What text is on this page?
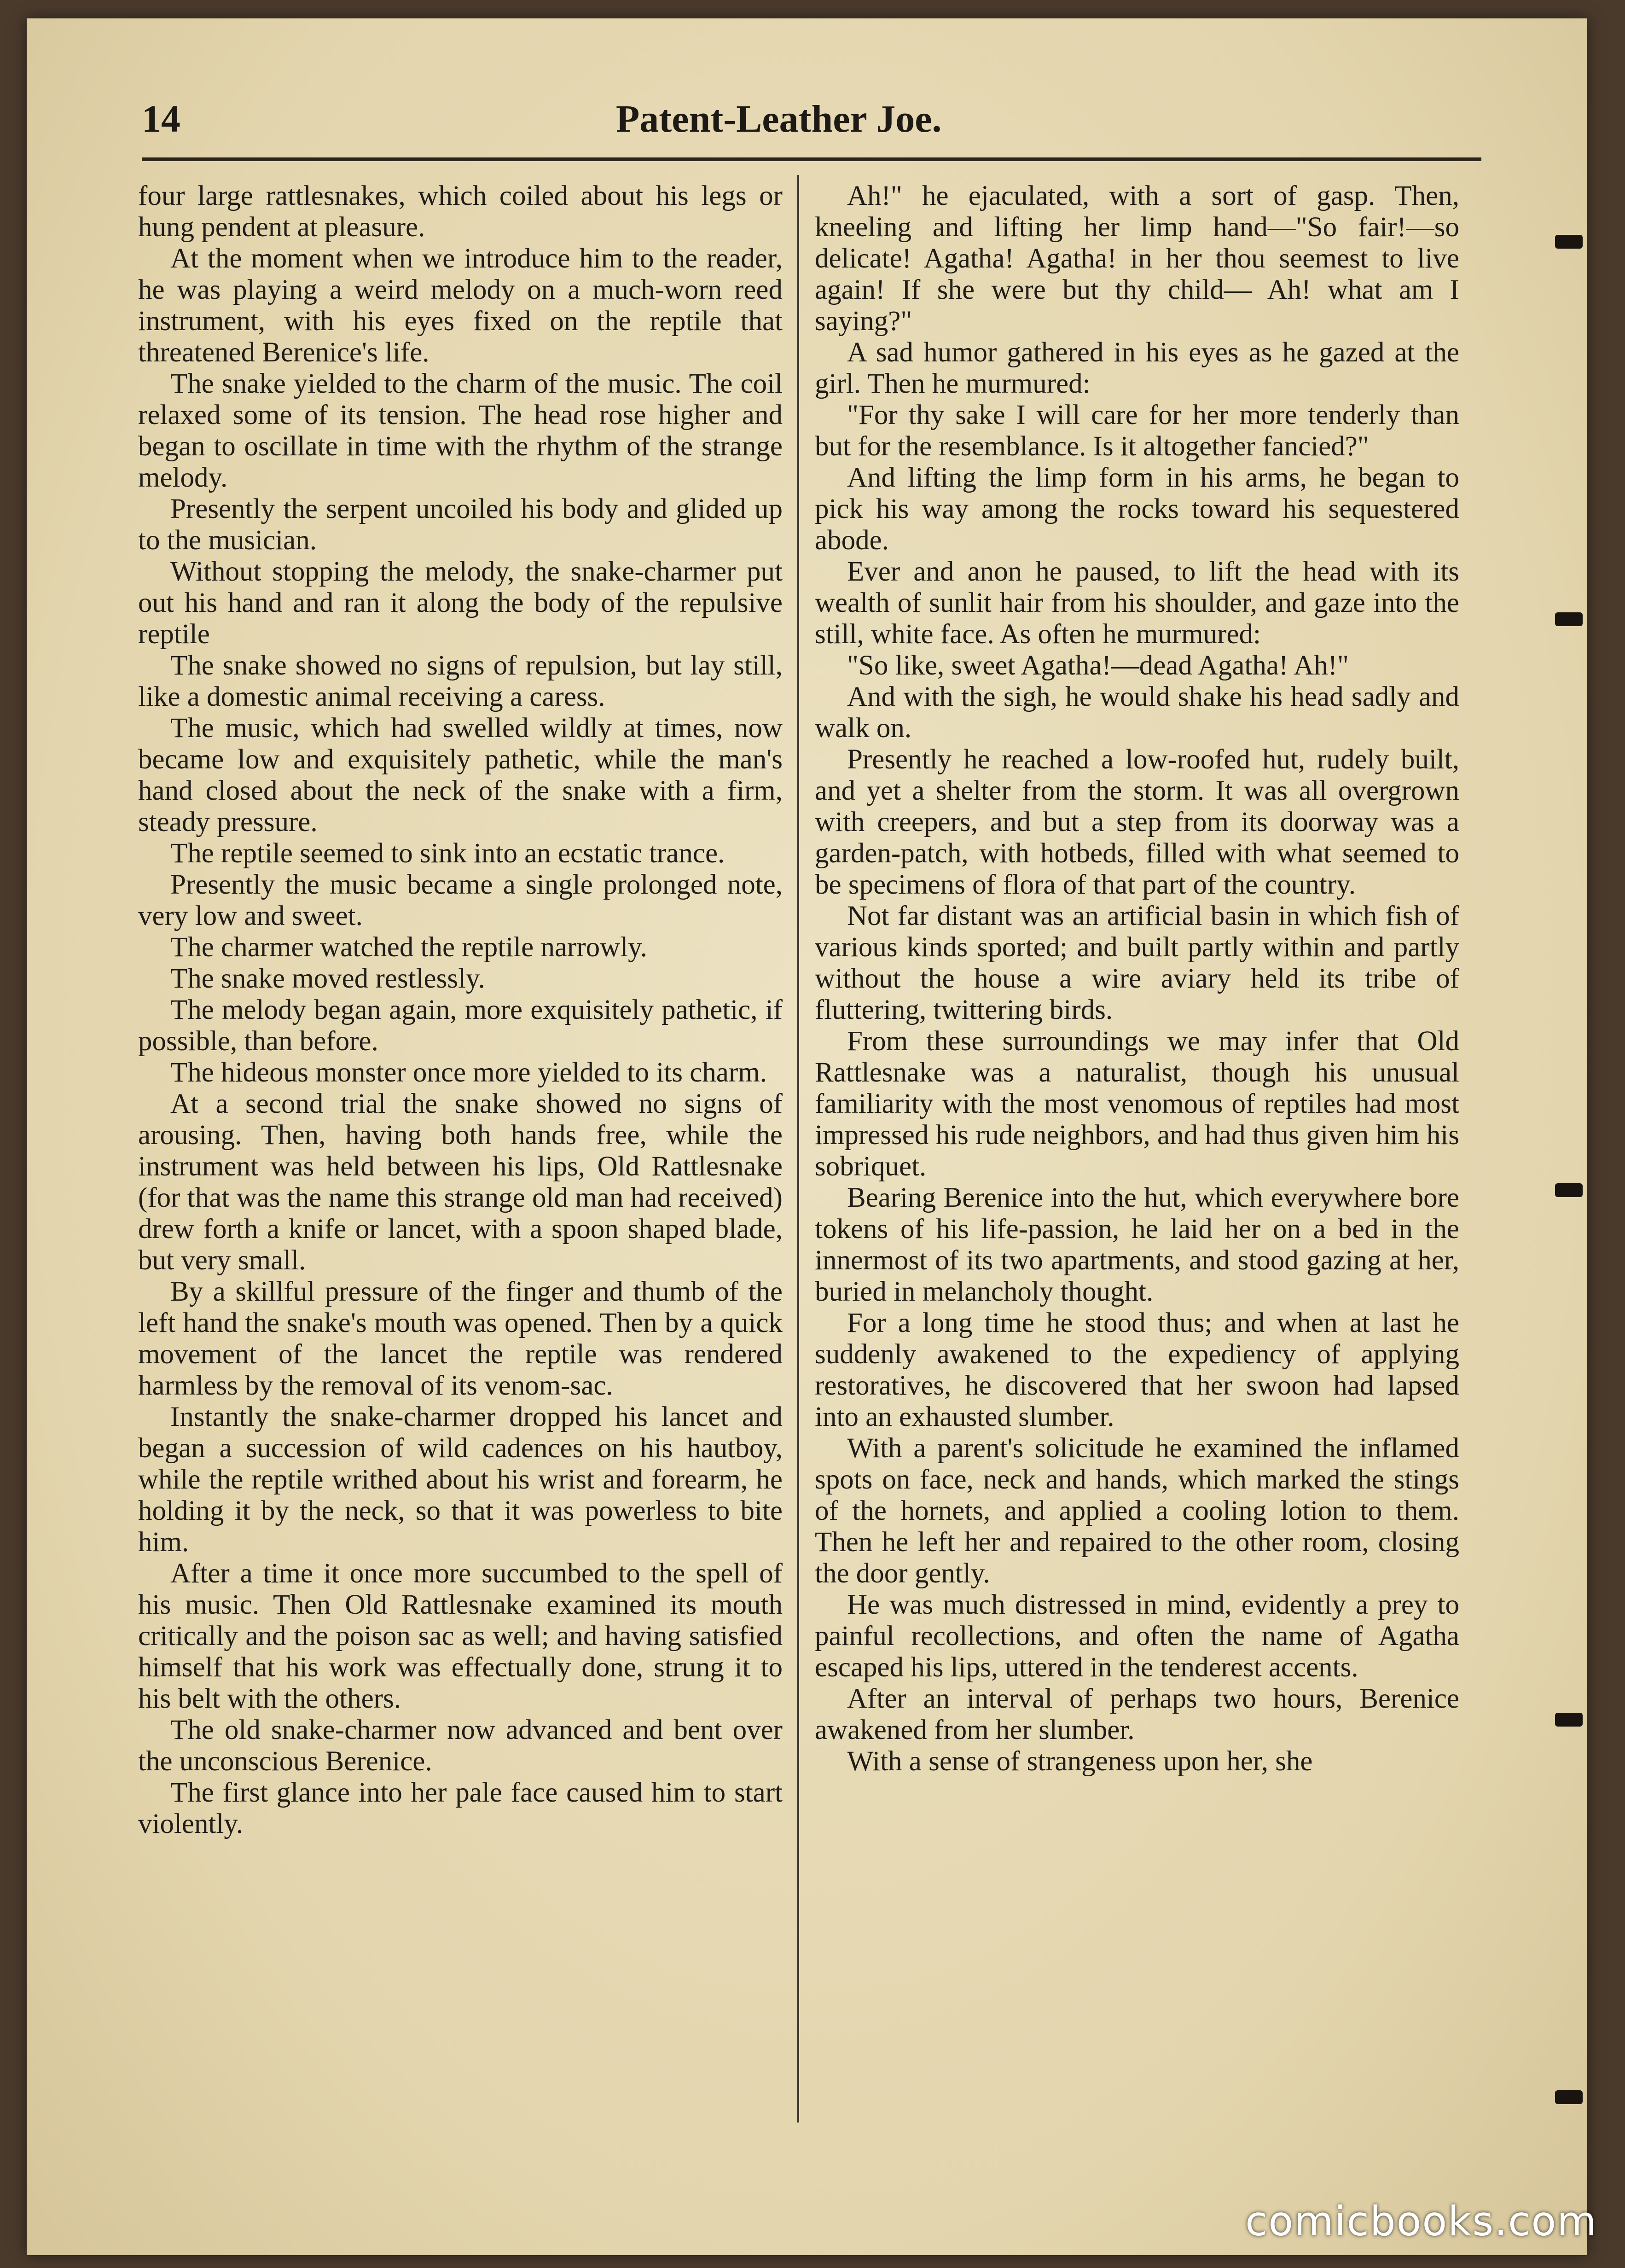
14	Patent-Leather Joe.

four large rattlesnakes, which coiled about his legs or hung pendent at pleasure.

At the moment when we introduce him to the reader, he was playing a weird melody on a much-worn reed instrument, with his eyes fixed on the reptile that threatened Berenice's life.

The snake yielded to the charm of the music. The coil relaxed some of its tension. The head rose higher and began to oscillate in time with the rhythm of the strange melody.

Presently the serpent uncoiled his body and glided up to the musician.

Without stopping the melody, the snake-charmer put out his hand and ran it along the body of the repulsive reptile

The snake showed no signs of repulsion, but lay still, like a domestic animal receiving a caress.

The music, which had swelled wildly at times, now became low and exquisitely pathetic, while the man's hand closed about the neck of the snake with a firm, steady pressure.

The reptile seemed to sink into an ecstatic trance.

Presently the music became a single prolonged note, very low and sweet.

The charmer watched the reptile narrowly.

The snake moved restlessly.

The melody began again, more exquisitely pathetic, if possible, than before.

The hideous monster once more yielded to its charm.

At a second trial the snake showed no signs of arousing. Then, having both hands free, while the instrument was held between his lips, Old Rattlesnake (for that was the name this strange old man had received) drew forth a knife or lancet, with a spoon shaped blade, but very small.

By a skillful pressure of the finger and thumb of the left hand the snake's mouth was opened. Then by a quick movement of the lancet the reptile was rendered harmless by the removal of its venom-sac.

Instantly the snake-charmer dropped his lancet and began a succession of wild cadences on his hautboy, while the reptile writhed about his wrist and forearm, he holding it by the neck, so that it was powerless to bite him.

After a time it once more succumbed to the spell of his music. Then Old Rattlesnake examined its mouth critically and the poison sac as well; and having satisfied himself that his work was effectually done, strung it to his belt with the others.

The old snake-charmer now advanced and bent over the unconscious Berenice.

The first glance into her pale face caused him to start violently.

Ah!" he ejaculated, with a sort of gasp. Then, kneeling and lifting her limp hand—"So fair!—so delicate! Agatha! Agatha! in her thou seemest to live again! If she were but thy child— Ah! what am I saying?"

A sad humor gathered in his eyes as he gazed at the girl. Then he murmured:

"For thy sake I will care for her more tenderly than but for the resemblance. Is it altogether fancied?"

And lifting the limp form in his arms, he began to pick his way among the rocks toward his sequestered abode.

Ever and anon he paused, to lift the head with its wealth of sunlit hair from his shoulder, and gaze into the still, white face. As often he murmured:

"So like, sweet Agatha!—dead Agatha! Ah!"

And with the sigh, he would shake his head sadly and walk on.

Presently he reached a low-roofed hut, rudely built, and yet a shelter from the storm. It was all overgrown with creepers, and but a step from its doorway was a garden-patch, with hotbeds, filled with what seemed to be specimens of flora of that part of the country.

Not far distant was an artificial basin in which fish of various kinds sported; and built partly within and partly without the house a wire aviary held its tribe of fluttering, twittering birds.

From these surroundings we may infer that Old Rattlesnake was a naturalist, though his unusual familiarity with the most venomous of reptiles had most impressed his rude neighbors, and had thus given him his sobriquet.

Bearing Berenice into the hut, which everywhere bore tokens of his life-passion, he laid her on a bed in the innermost of its two apartments, and stood gazing at her, buried in melancholy thought.

For a long time he stood thus; and when at last he suddenly awakened to the expediency of applying restoratives, he discovered that her swoon had lapsed into an exhausted slumber.

With a parent's solicitude he examined the inflamed spots on face, neck and hands, which marked the stings of the hornets, and applied a cooling lotion to them. Then he left her and repaired to the other room, closing the door gently.

He was much distressed in mind, evidently a prey to painful recollections, and often the name of Agatha escaped his lips, uttered in the tenderest accents.

After an interval of perhaps two hours, Berenice awakened from her slumber.

With a sense of strangeness upon her, she

comicbooks.com
